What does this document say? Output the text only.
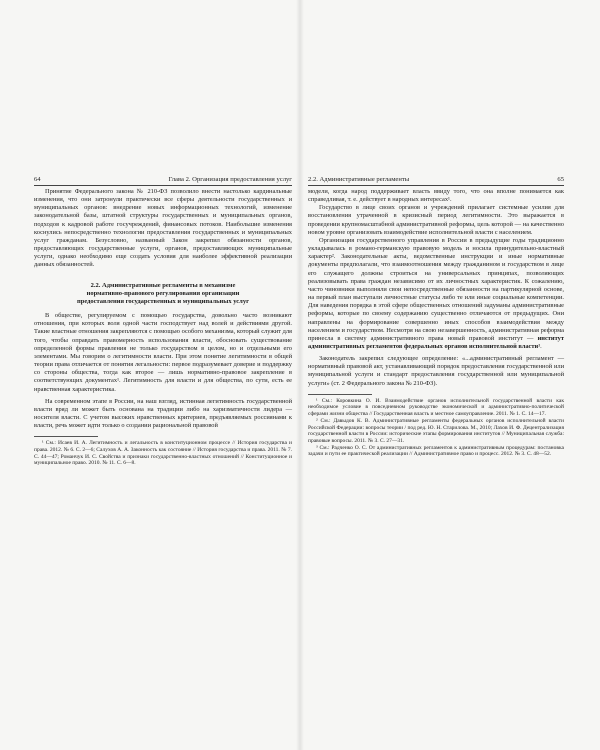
64	Глава 2. Организация предоставления услуг

Принятие Федерального закона № 210-ФЗ позволило внести настолько кардинальные изменения, что они затронули практически все сферы деятельности государственных и муниципальных органов: внедрение новых информационных технологий, изменение законодательной базы, штатной структуры государственных и муниципальных органов, подходов к кадровой работе госучреждений, финансовых потоков. Наибольшие изменения коснулись непосредственно технологии предоставления государственных и муниципальных услуг гражданам. Безусловно, названный Закон закрепил обязанности органов, предоставляющих государственные услуги, органов, предоставляющих муниципальные услуги, однако необходимо еще создать условия для наиболее эффективной реализации данных обязанностей.

2.2. Административные регламенты в механизме
нормативно-правового регулирования организации
предоставления государственных и муниципальных услуг

В обществе, регулируемом с помощью государства, довольно часто возникают отношения, при которых воля одной части господствует над волей и действиями другой. Такие властные отношения закрепляются с помощью особого механизма, который служит для того, чтобы оправдать правомерность использования власти, обосновать существование определенной формы правления не только государством в целом, но и отдельными его элементами. Мы говорим о легитимности власти. При этом понятие легитимности в общей теории права отличается от понятия легальности: первое подразумевает доверие и поддержку со стороны общества, тогда как второе — лишь нормативно-правовое закрепление в соответствующих документах¹. Легитимность для власти и для общества, по сути, есть ее нравственная характеристика.

На современном этапе в России, на наш взгляд, истинная легитимность государственной власти вряд ли может быть основана на традиции либо на харизматичности лидера — носителя власти. С учетом высоких нравственных критериев, предъявляемых россиянами к власти, речь может идти только о создании рациональной правовой

¹ См.: Исаев И. А. Легитимность и легальность в конституционном процессе // История государства и права. 2012. № 6. С. 2—6; Салухов А. А. Законность как состояние // История государства и права. 2011. № 7. С. 44—47; Романчук И. С. Свойства и признаки государственно-властных отношений // Конституционное и муниципальное право. 2010. № 11. С. 6—8.

2.2. Административные регламенты	65

модели, когда народ поддерживает власть ввиду того, что она вполне понимается как справедливая, т. е. действует в народных интересах¹.

Государство в лице своих органов и учреждений прилагает системные усилия для восстановления утраченной в кризисный период легитимности. Это выражается в проведении крупномасштабной административной реформы, цель которой — на качественно новом уровне организовать взаимодействие исполнительной власти с населением.

Организация государственного управления в России в предыдущие годы традиционно укладывалась в романо-германскую правовую модель и носила принудительно-властный характер². Законодательные акты, ведомственные инструкции и иные нормативные документы предполагали, что взаимоотношения между гражданином и государством в лице его служащего должны строиться на универсальных принципах, позволяющих реализовывать права граждан независимо от их личностных характеристик. К сожалению, часто чиновники выполняли свои непосредственные обязанности на партикулярной основе, на первый план выступали личностные статусы либо те или иные социальные компетенции. Для наведения порядка в этой сфере общественных отношений задуманы административные реформы, которые по своему содержанию существенно отличаются от предыдущих. Они направлены на формирование совершенно иных способов взаимодействия между населением и государством. Несмотря на свою незавершенность, административная реформа принесла в систему административного права новый правовой институт — институт административных регламентов федеральных органов исполнительной власти³.

Законодатель закрепил следующее определение: «...административный регламент — нормативный правовой акт, устанавливающий порядок предоставления государственной или муниципальной услуги и стандарт предоставления государственной или муниципальной услуги» (ст. 2 Федерального закона № 210-ФЗ).

¹ См.: Коровкина О. И. Взаимодействие органов исполнительной государственной власти как необходимое условие в повседневном руководстве экономической и административно-политической сферами жизни общества // Государственная власть и местное самоуправление. 2011. № 1. С. 14—17.

² См.: Давыдов К. В. Административные регламенты федеральных органов исполнительной власти Российской Федерации: вопросы теории / под ред. Ю. Н. Старилова. М., 2010; Лахов И. Ф. Децентрализация государственной власти в России: исторические этапы формирования институтов // Муниципальная служба: правовые вопросы. 2011. № 3. С. 27—31.

³ См.: Радченко О. С. От административных регламентов к административным процедурам: постановка задачи и пути ее практической реализации // Административное право и процесс. 2012. № 3. С. 48—52.
